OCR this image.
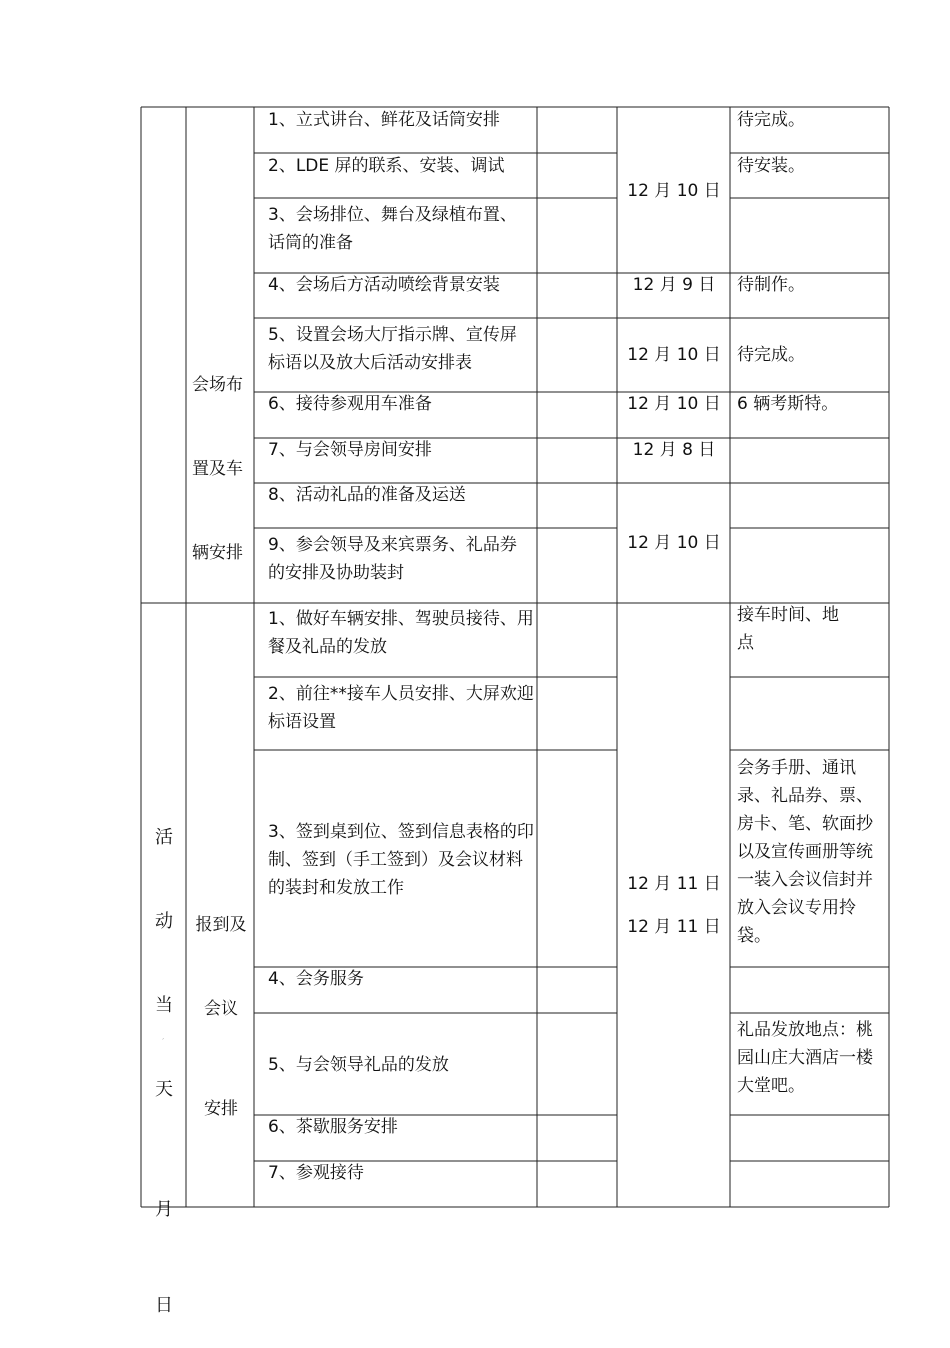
会场布

置及车

辆安排

1、立式讲台、鲜花及话筒安排
2、LDE 屏的联系、安装、调试
3、会场排位、舞台及绿植布置、话筒的准备
4、会场后方活动喷绘背景安装
5、设置会场大厅指示牌、宣传屏标语以及放大后活动安排表
6、接待参观用车准备
7、与会领导房间安排
8、活动礼品的准备及运送
9、参会领导及来宾票务、礼品券的安排及协助装封
12 月 10 日
12 月 9 日
12 月 10 日
12 月 10 日
12 月 8 日
12 月 10 日
待完成。
待安装。
待制作。
待完成。
6 辆考斯特。

活

动

当

天

月

日

ˊ

报到及

会议

安排

1、做好车辆安排、驾驶员接待、用餐及礼品的发放
2、前往**接车人员安排、大屏欢迎标语设置
3、签到桌到位、签到信息表格的印制、签到（手工签到）及会议材料的装封和发放工作
4、会务服务
5、与会领导礼品的发放
6、茶歇服务安排
7、参观接待
12 月 11 日
12 月 11 日
接车时间、地点
会务手册、通讯录、礼品券、票、房卡、笔、软面抄以及宣传画册等统一装入会议信封并放入会议专用拎袋。
礼品发放地点：桃园山庄大酒店一楼大堂吧。
